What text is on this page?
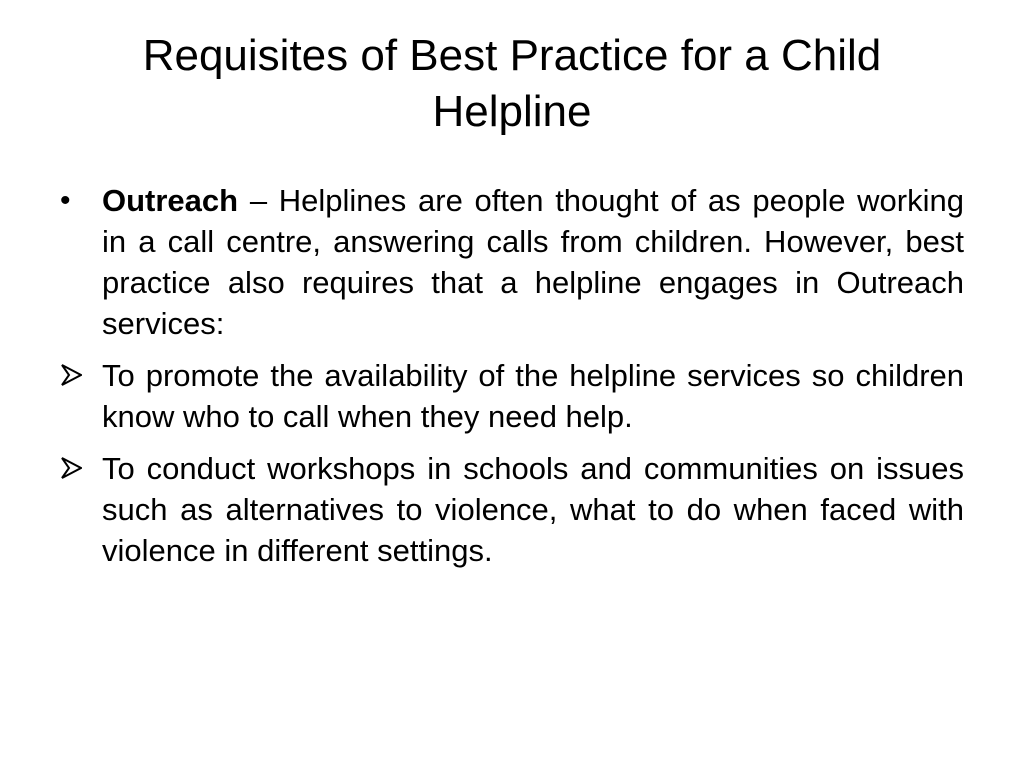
Requisites of Best Practice for a Child Helpline
•	Outreach – Helplines are often thought of as people working in a call centre, answering calls from children. However, best practice also requires that a helpline engages in Outreach services:
To promote the availability of the helpline services so children know who to call when they need help.
To conduct workshops in schools and communities on issues such as alternatives to violence, what to do when faced with violence in different settings.
